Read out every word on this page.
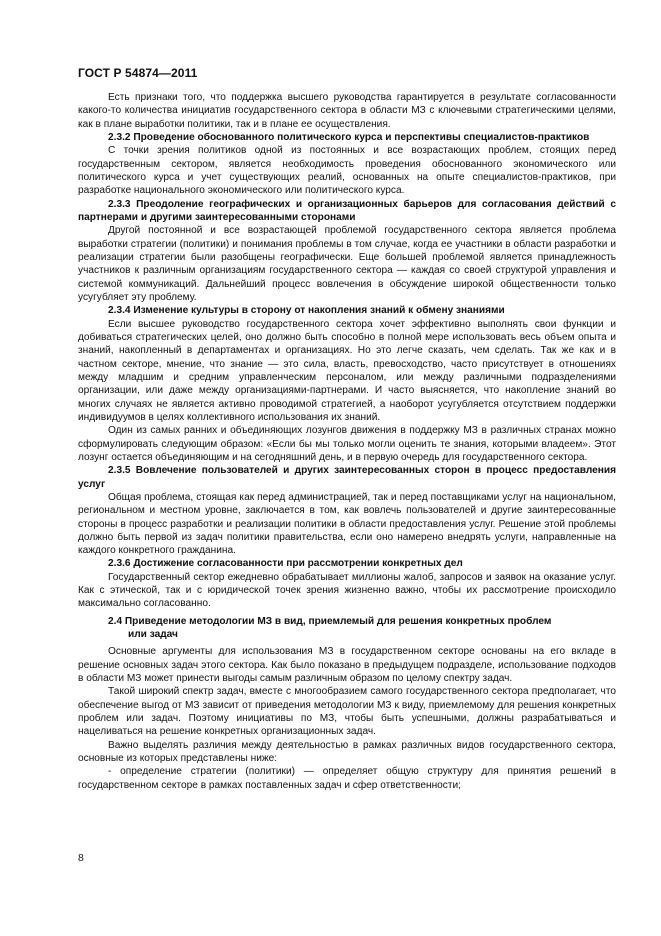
ГОСТ Р 54874—2011

Есть признаки того, что поддержка высшего руководства гарантируется в результате согласованности какого-то количества инициатив государственного сектора в области МЗ с ключевыми стратегическими целями, как в плане выработки политики, так и в плане ее осуществления.

2.3.2 Проведение обоснованного политического курса и перспективы специалистов-практиков

С точки зрения политиков одной из постоянных и все возрастающих проблем, стоящих перед государственным сектором, является необходимость проведения обоснованного экономического или политического курса и учет существующих реалий, основанных на опыте специалистов-практиков, при разработке национального экономического или политического курса.

2.3.3 Преодоление географических и организационных барьеров для согласования действий с партнерами и другими заинтересованными сторонами

Другой постоянной и все возрастающей проблемой государственного сектора является проблема выработки стратегии (политики) и понимания проблемы в том случае, когда ее участники в области разработки и реализации стратегии были разобщены географически. Еще большей проблемой является принадлежность участников к различным организациям государственного сектора — каждая со своей структурой управления и системой коммуникаций. Дальнейший процесс вовлечения в обсуждение широкой общественности только усугубляет эту проблему.

2.3.4 Изменение культуры в сторону от накопления знаний к обмену знаниями

Если высшее руководство государственного сектора хочет эффективно выполнять свои функции и добиваться стратегических целей, оно должно быть способно в полной мере использовать весь объем опыта и знаний, накопленный в департаментах и организациях. Но это легче сказать, чем сделать. Так же как и в частном секторе, мнение, что знание — это сила, власть, превосходство, часто присутствует в отношениях между младшим и средним управленческим персоналом, или между различными подразделениями организации, или даже между организациями-партнерами. И часто выясняется, что накопление знаний во многих случаях не является активно проводимой стратегией, а наоборот усугубляется отсутствием поддержки индивидуумов в целях коллективного использования их знаний.

Один из самых ранних и объединяющих лозунгов движения в поддержку МЗ в различных странах можно сформулировать следующим образом: «Если бы мы только могли оценить те знания, которыми владеем». Этот лозунг остается объединяющим и на сегодняшний день, и в первую очередь для государственного сектора.

2.3.5 Вовлечение пользователей и других заинтересованных сторон в процесс предоставления услуг

Общая проблема, стоящая как перед администрацией, так и перед поставщиками услуг на национальном, региональном и местном уровне, заключается в том, как вовлечь пользователей и другие заинтересованные стороны в процесс разработки и реализации политики в области предоставления услуг. Решение этой проблемы должно быть первой из задач политики правительства, если оно намерено внедрять услуги, направленные на каждого конкретного гражданина.

2.3.6 Достижение согласованности при рассмотрении конкретных дел

Государственный сектор ежедневно обрабатывает миллионы жалоб, запросов и заявок на оказание услуг. Как с этической, так и с юридической точек зрения жизненно важно, чтобы их рассмотрение происходило максимально согласованно.

2.4 Приведение методологии МЗ в вид, приемлемый для решения конкретных проблем
или задач

Основные аргументы для использования МЗ в государственном секторе основаны на его вкладе в решение основных задач этого сектора. Как было показано в предыдущем подразделе, использование подходов в области МЗ может принести выгоды самым различным образом по целому спектру задач.

Такой широкий спектр задач, вместе с многообразием самого государственного сектора предполагает, что обеспечение выгод от МЗ зависит от приведения методологии МЗ к виду, приемлемому для решения конкретных проблем или задач. Поэтому инициативы по МЗ, чтобы быть успешными, должны разрабатываться и нацеливаться на решение конкретных организационных задач.

Важно выделять различия между деятельностью в рамках различных видов государственного сектора, основные из которых представлены ниже:

- определение стратегии (политики) — определяет общую структуру для принятия решений в государственном секторе в рамках поставленных задач и сфер ответственности;

8
